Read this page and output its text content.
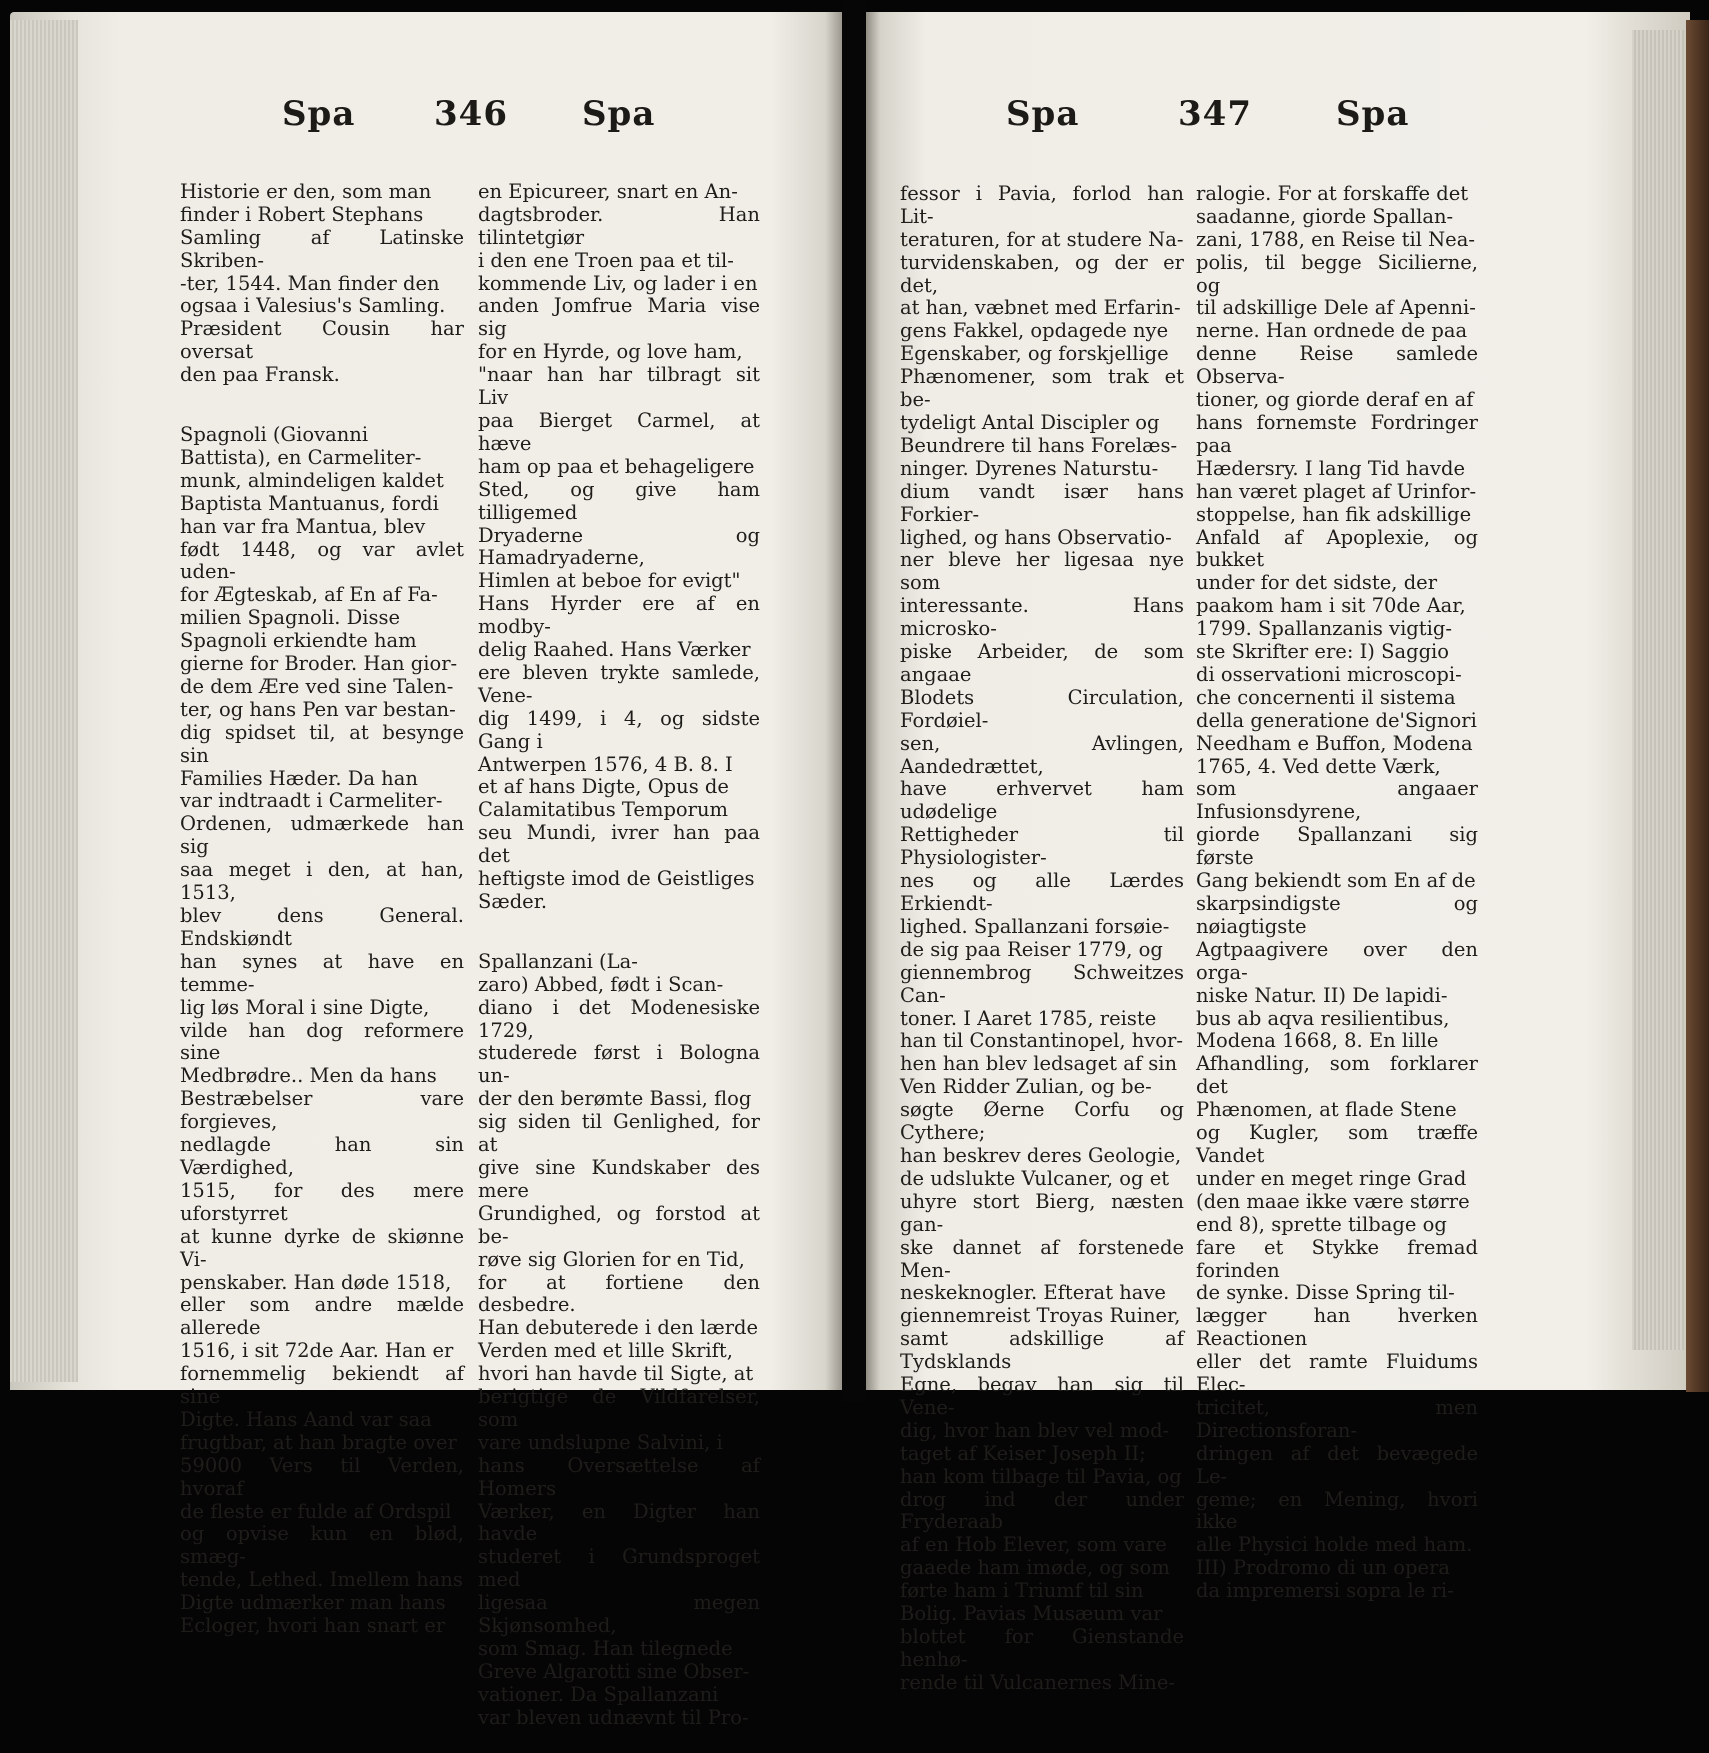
Spa 346 Spa

Historie er den, som man
finder i Robert Stephans
Samling af Latinske Skriben-
-ter, 1544. Man finder den
ogsaa i Valesius's Samling.
Præsident Cousin har oversat
den paa Fransk.

Spagnoli (Giovanni
Battista), en Carmeliter-
munk, almindeligen kaldet
Baptista Mantuanus, fordi
han var fra Mantua, blev
født 1448, og var avlet uden-
for Ægteskab, af En af Fa-
milien Spagnoli. Disse
Spagnoli erkiendte ham
gierne for Broder. Han gior-
de dem Ære ved sine Talen-
ter, og hans Pen var bestan-
dig spidset til, at besynge sin
Families Hæder. Da han
var indtraadt i Carmeliter-
Ordenen, udmærkede han sig
saa meget i den, at han, 1513,
blev dens General. Endskiøndt
han synes at have en temme-
lig løs Moral i sine Digte,
vilde han dog reformere sine
Medbrødre.. Men da hans
Bestræbelser vare forgieves,
nedlagde han sin Værdighed,
1515, for des mere uforstyrret
at kunne dyrke de skiønne Vi-
penskaber. Han døde 1518,
eller som andre mælde allerede
1516, i sit 72de Aar. Han er
fornemmelig bekiendt af sine
Digte. Hans Aand var saa
frugtbar, at han bragte over
59000 Vers til Verden, hvoraf
de fleste er fulde af Ordspil
og opvise kun en blød, smæg-
tende, Lethed. Imellem hans
Digte udmærker man hans
Ecloger, hvori han snart er

en Epicureer, snart en An-
dagtsbroder. Han tilintetgiør
i den ene Troen paa et til-
kommende Liv, og lader i en
anden Jomfrue Maria vise sig
for en Hyrde, og love ham,
"naar han har tilbragt sit Liv
paa Bierget Carmel, at hæve
ham op paa et behageligere
Sted, og give ham tilligemed
Dryaderne og Hamadryaderne,
Himlen at beboe for evigt"
Hans Hyrder ere af en modby-
delig Raahed. Hans Værker
ere bleven trykte samlede, Vene-
dig 1499, i 4, og sidste Gang i
Antwerpen 1576, 4 B. 8. I
et af hans Digte, Opus de
Calamitatibus Temporum
seu Mundi, ivrer han paa det
heftigste imod de Geistliges
Sæder.

Spallanzani (La-
zaro) Abbed, født i Scan-
diano i det Modenesiske 1729,
studerede først i Bologna un-
der den berømte Bassi, flog
sig siden til Genlighed, for at
give sine Kundskaber des mere
Grundighed, og forstod at be-
røve sig Glorien for en Tid,
for at fortiene den desbedre.
Han debuterede i den lærde
Verden med et lille Skrift,
hvori han havde til Sigte, at
berigtige de Vildfarelser, som
vare undslupne Salvini, i
hans Oversættelse af Homers
Værker, en Digter han havde
studeret i Grundsproget med
ligesaa megen Skjønsomhed,
som Smag. Han tilegnede
Greve Algarotti sine Obser-
vationer. Da Spallanzani
var bleven udnævnt til Pro-

Spa	347 Spa

fessor i Pavia, forlod han Lit-
teraturen, for at studere Na-
turvidenskaben, og der er det,
at han, væbnet med Erfarin-
gens Fakkel, opdagede nye
Egenskaber, og forskjellige
Phænomener, som trak et be-
tydeligt Antal Discipler og
Beundrere til hans Forelæs-
ninger. Dyrenes Naturstu-
dium vandt især hans Forkier-
lighed, og hans Observatio-
ner bleve her ligesaa nye som
interessante. Hans microsko-
piske Arbeider, de som angaae
Blodets Circulation, Fordøiel-
sen, Avlingen, Aandedrættet,
have erhvervet ham udødelige
Rettigheder til Physiologister-
nes og alle Lærdes Erkiendt-
lighed. Spallanzani forsøie-
de sig paa Reiser 1779, og
giennembrog Schweitzes Can-
toner. I Aaret 1785, reiste
han til Constantinopel, hvor-
hen han blev ledsaget af sin
Ven Ridder Zulian, og be-
søgte Øerne Corfu og Cythere;
han beskrev deres Geologie,
de udslukte Vulcaner, og et
uhyre stort Bierg, næsten gan-
ske dannet af forstenede Men-
neskeknogler. Efterat have
giennemreist Troyas Ruiner,
samt adskillige af Tydsklands
Egne, begav han sig til Vene-
dig, hvor han blev vel mod-
taget af Keiser Joseph II;
han kom tilbage til Pavia, og
drog ind der under Fryderaab
af en Hob Elever, som vare
gaaede ham imøde, og som
førte ham i Triumf til sin
Bolig. Pavias Musæum var
blottet for Gienstande henhø-
rende til Vulcanernes Mine-

ralogie. For at forskaffe det
saadanne, giorde Spallan-
zani, 1788, en Reise til Nea-
polis, til begge Sicilierne, og
til adskillige Dele af Apenni-
nerne. Han ordnede de paa
denne Reise samlede Observa-
tioner, og giorde deraf en af
hans fornemste Fordringer paa
Hædersry. I lang Tid havde
han været plaget af Urinfor-
stoppelse, han fik adskillige
Anfald af Apoplexie, og bukket
under for det sidste, der
paakom ham i sit 70de Aar,
1799. Spallanzanis vigtig-
ste Skrifter ere: I) Saggio
di osservationi microscopi-
che concernenti il sistema
della generatione de'Signori
Needham e Buffon, Modena
1765, 4. Ved dette Værk,
som angaaer Infusionsdyrene,
giorde Spallanzani sig første
Gang bekiendt som En af de
skarpsindigste og nøiagtigste
Agtpaagivere over den orga-
niske Natur. II) De lapidi-
bus ab aqva resilientibus,
Modena 1668, 8. En lille
Afhandling, som forklarer det
Phænomen, at flade Stene
og Kugler, som træffe Vandet
under en meget ringe Grad
(den maae ikke være større
end 8), sprette tilbage og
fare et Stykke fremad forinden
de synke. Disse Spring til-
lægger han hverken Reactionen
eller det ramte Fluidums Elec-
tricitet, men Directionsforan-
dringen af det bevægede Le-
geme; en Mening, hvori ikke
alle Physici holde med ham.
III) Prodromo di un opera
da impremersi sopra le ri-
